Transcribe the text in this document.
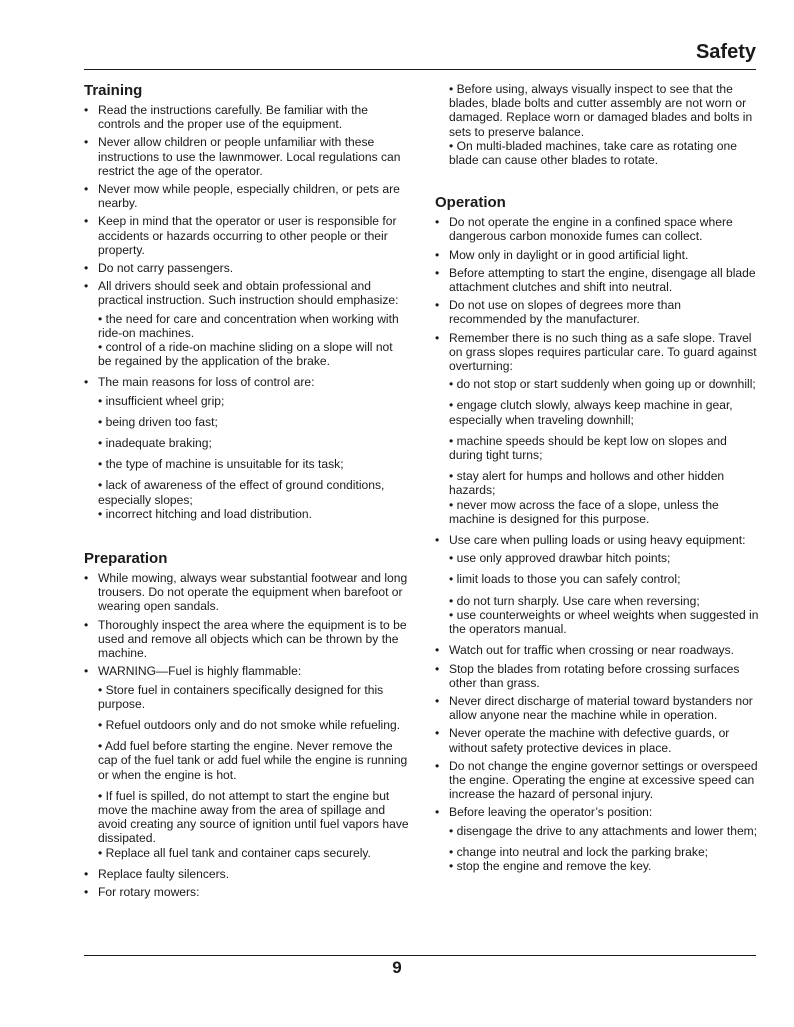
Safety
Training
• Read the instructions carefully. Be familiar with the controls and the proper use of the equipment.
• Never allow children or people unfamiliar with these instructions to use the lawnmower. Local regulations can restrict the age of the operator.
• Never mow while people, especially children, or pets are nearby.
• Keep in mind that the operator or user is responsible for accidents or hazards occurring to other people or their property.
• Do not carry passengers.
• All drivers should seek and obtain professional and practical instruction. Such instruction should emphasize:

• the need for care and concentration when working with ride-on machines.

• control of a ride-on machine sliding on a slope will not be regained by the application of the brake.

• The main reasons for loss of control are:

• insufficient wheel grip;

• being driven too fast;

• inadequate braking;

• the type of machine is unsuitable for its task;

• lack of awareness of the effect of ground conditions, especially slopes;

• incorrect hitching and load distribution.

Preparation
• While mowing, always wear substantial footwear and long trousers. Do not operate the equipment when barefoot or wearing open sandals.
• Thoroughly inspect the area where the equipment is to be used and remove all objects which can be thrown by the machine.
• WARNING—Fuel is highly flammable:

• Store fuel in containers specifically designed for this purpose.

• Refuel outdoors only and do not smoke while refueling.

• Add fuel before starting the engine. Never remove the cap of the fuel tank or add fuel while the engine is running or when the engine is hot.

• If fuel is spilled, do not attempt to start the engine but move the machine away from the area of spillage and avoid creating any source of ignition until fuel vapors have dissipated.

• Replace all fuel tank and container caps securely.

• Replace faulty silencers.
• For rotary mowers:

• Before using, always visually inspect to see that the blades, blade bolts and cutter assembly are not worn or damaged. Replace worn or damaged blades and bolts in sets to preserve balance.

• On multi-bladed machines, take care as rotating one blade can cause other blades to rotate.

Operation
• Do not operate the engine in a confined space where dangerous carbon monoxide fumes can collect.
• Mow only in daylight or in good artificial light.
• Before attempting to start the engine, disengage all blade attachment clutches and shift into neutral.
• Do not use on slopes of degrees more than recommended by the manufacturer.
• Remember there is no such thing as a safe slope. Travel on grass slopes requires particular care. To guard against overturning:

• do not stop or start suddenly when going up or downhill;

• engage clutch slowly, always keep machine in gear, especially when traveling downhill;

• machine speeds should be kept low on slopes and during tight turns;

• stay alert for humps and hollows and other hidden hazards;

• never mow across the face of a slope, unless the machine is designed for this purpose.

• Use care when pulling loads or using heavy equipment:

• use only approved drawbar hitch points;

• limit loads to those you can safely control;

• do not turn sharply. Use care when reversing;

• use counterweights or wheel weights when suggested in the operators manual.

• Watch out for traffic when crossing or near roadways.
• Stop the blades from rotating before crossing surfaces other than grass.
• Never direct discharge of material toward bystanders nor allow anyone near the machine while in operation.
• Never operate the machine with defective guards, or without safety protective devices in place.
• Do not change the engine governor settings or overspeed the engine. Operating the engine at excessive speed can increase the hazard of personal injury.
• Before leaving the operator’s position:

• disengage the drive to any attachments and lower them;

• change into neutral and lock the parking brake;

• stop the engine and remove the key.

9
